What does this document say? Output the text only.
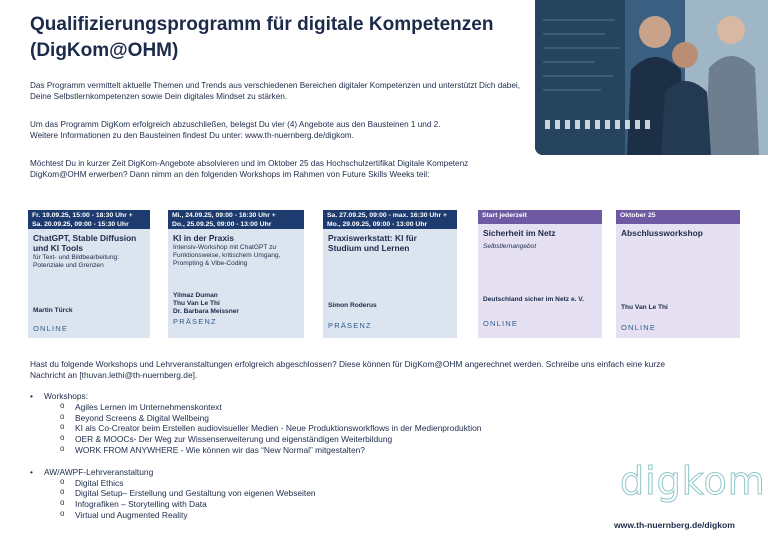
Qualifizierungsprogramm für digitale Kompetenzen
(DigKom@OHM)

Das Programm vermittelt aktuelle Themen und Trends aus verschiedenen Bereichen digitaler Kompetenzen und unterstützt Dich dabei, Deine Selbstlernkompetenzen sowie Dein digitales Mindset zu stärken.

Um das Programm DigKom erfolgreich abzuschließen, belegst Du vier (4) Angebote aus den Bausteinen 1 und 2.
Weitere Informationen zu den Bausteinen findest Du unter: www.th-nuernberg.de/digkom.

Möchtest Du in kurzer Zeit DigKom-Angebote absolvieren und im Oktober 25 das Hochschulzertifikat Digitale Kompetenz DigKom@OHM erwerben? Dann nimm an den folgenden Workshops im Rahmen von Future Skills Weeks teil:

Fr. 19.09.25, 15:00 - 18:30 Uhr +
Sa. 20.09.25, 09:00 - 15:30 Uhr
ChatGPT, Stable Diffusion und KI Tools
für Text- und Bildbearbeitung: Potenziale und Grenzen
Martin Türck
ONLINE
Mi., 24.09.25, 09:00 - 16:30 Uhr +
Do., 25.09.25, 09:00 - 13:00 Uhr
KI in der Praxis
Intensiv-Workshop mit ChatGPT zu Funktionsweise, kritischem Umgang, Prompting & Vibe-Coding
Yilmaz Duman
Thu Van Le Thi
Dr. Barbara Meissner
PRÄSENZ
Sa. 27.09.25, 09:00 - max. 16:30 Uhr +
Mo., 29.09.25, 09:00 - 13:00 Uhr
Praxiswerkstatt: KI für Studium und Lernen
Simon Roderus
PRÄSENZ
Start jederzeit
Sicherheit im Netz
Selbstlernangebot
Deutschland sicher im Netz e. V.
ONLINE
Oktober 25
Abschlussworkshop
Thu Van Le Thi
ONLINE

Hast du folgende Workshops und Lehrveranstaltungen erfolgreich abgeschlossen? Diese können für DigKom@OHM angerechnet werden. Schreibe uns einfach eine kurze
Nachricht an [thuvan.lethi@th-nuernberg.de].

• Workshops:
o Agiles Lernen im Unternehmenskontext
o Beyond Screens & Digital Wellbeing
o KI als Co-Creator beim Erstellen audiovisueller Medien - Neue Produktionsworkflows in der Medienproduktion
o OER & MOOCs- Der Weg zur Wissenserweiterung und eigenständigen Weiterbildung
o WORK FROM ANYWHERE - Wie können wir das “New Normal” mitgestalten?
• AW/AWPF-Lehrveranstaltung
o Digital Ethics
o Digital Setup– Erstellung und Gestaltung von eigenen Webseiten
o Infografiken – Storytelling with Data
o Virtual und Augmented Reality
digkom
www.th-nuernberg.de/digkom
